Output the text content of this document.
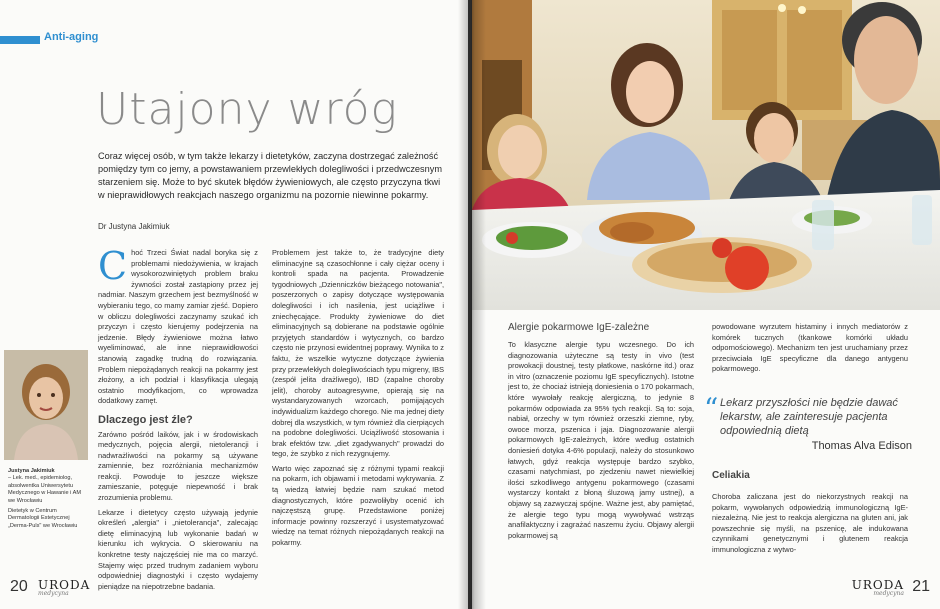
Anti-aging
Utajony wróg
Coraz więcej osób, w tym także lekarzy i dietetyków, zaczyna dostrzegać zależność pomiędzy tym co jemy, a powstawaniem przewlekłych dolegliwości i przedwczesnym starzeniem się. Może to być skutek błędów żywieniowych, ale często przyczyna tkwi w nieprawidłowych reakcjach naszego organizmu na pozornie niewinne pokarmy.
Dr Justyna Jakimiuk

Choć Trzeci Świat nadal boryka się z problemami niedożywienia, w krajach wysokorozwiniętych problem braku żywności został zastąpiony przez jej nadmiar. Naszym grzechem jest bezmyślność w wybieraniu tego, co mamy zamiar zjeść. Dopiero w obliczu dolegliwości zaczynamy szukać ich przyczyn i często kierujemy podejrzenia na jedzenie. Błędy żywieniowe można łatwo wyeliminować, ale inne nieprawidłowości stanowią zagadkę trudną do rozwiązania. Problem niepożądanych reakcji na pokarmy jest złożony, a ich podział i klasyfikacja ulegają ostatnio modyfikacjom, co wprowadza dodatkowy zamęt.

Dlaczego jest źle?

Zarówno pośród laików, jak i w środowiskach medycznych, pojęcia alergii, nietolerancji i nadwrażliwości na pokarmy są używane zamiennie, bez rozróżniania mechanizmów reakcji. Powoduje to jeszcze większe zamieszanie, potęguje niepewność i brak zrozumienia problemu.

Lekarze i dietetycy często używają jedynie określeń „alergia" i „nietolerancja", zalecając dietę eliminacyjną lub wykonanie badań w kierunku ich wykrycia. O skierowaniu na konkretne testy najczęściej nie ma co marzyć. Stajemy więc przed trudnym zadaniem wyboru odpowiedniej diagnostyki i często wydajemy pieniądze na niepotrzebne badania.

Problemem jest także to, że tradycyjne diety eliminacyjne są czasochłonne i cały ciężar oceny i kontroli spada na pacjenta. Prowadzenie tygodniowych „Dzienniczków bieżącego notowania", poszerzonych o zapisy dotyczące występowania dolegliwości i ich nasilenia, jest uciążliwe i zniechęcające. Produkty żywieniowe do diet eliminacyjnych są dobierane na podstawie ogólnie przyjętych standardów i wytycznych, co bardzo często nie przynosi ewidentnej poprawy. Wynika to z faktu, że wszelkie wytyczne dotyczące żywienia przy przewlekłych dolegliwościach typu migreny, IBS (zespół jelita drażliwego), IBD (zapalne choroby jelit), choroby autoagresywne, opierają się na wystandaryzowanych wzorcach, pomijających indywidualizm każdego chorego. Nie ma jednej diety dobrej dla wszystkich, w tym również dla cierpiących na podobne dolegliwości. Uciążliwość stosowania i brak efektów tzw. „diet zgadywanych" prowadzi do tego, że szybko z nich rezygnujemy.

Warto więc zapoznać się z różnymi typami reakcji na pokarm, ich objawami i metodami wykrywania. Z tą wiedzą łatwiej będzie nam szukać metod diagnostycznych, które pozwoliłyby ocenić ich najczęstszą grupę. Przedstawione poniżej informacje powinny rozszerzyć i usystematyzować wiedzę na temat różnych niepożądanych reakcji na pokarmy.

Justyna Jakimiuk
– Lek. med., epidemiolog, absolwentka Uniwersytetu Medycznego w Hawanie i AM we Wrocławiu
Dietetyk w Centrum Dermatologii Estetycznej „Derma-Puls" we Wrocławiu
20 URODA
medycyna
Alergie pokarmowe IgE-zależne

To klasyczne alergie typu wczesnego. Do ich diagnozowania użyteczne są testy in vivo (test prowokacji doustnej, testy płatkowe, naskórne itd.) oraz in vitro (oznaczenie poziomu IgE specyficznych). Istotne jest to, że chociaż istnieją doniesienia o 170 pokarmach, które wywołały reakcję alergiczną, to jedynie 8 pokarmów odpowiada za 95% tych reakcji. Są to: soja, nabiał, orzechy w tym również orzeszki ziemne, ryby, owoce morza, pszenica i jaja. Diagnozowanie alergii pokarmowych IgE-zależnych, które według ostatnich doniesień dotyka 4-6% populacji, należy do stosunkowo łatwych, gdyż reakcja występuje bardzo szybko, czasami natychmiast, po zjedzeniu nawet niewielkiej ilości szkodliwego antygenu pokarmowego (czasami wystarczy kontakt z błoną śluzową jamy ustnej), a objawy są zazwyczaj spójne. Ważne jest, aby pamiętać, że alergie tego typu mogą wywoływać wstrząs anafilaktyczny i zagrażać naszemu życiu. Objawy alergii pokarmowej są

powodowane wyrzutem histaminy i innych mediatorów z komórek tucznych (tkankowe komórki układu odpornościowego). Mechanizm ten jest uruchamiany przez przeciwciała IgE specyficzne dla danego antygenu pokarmowego.

“ Lekarz przyszłości nie będzie dawać lekarstw, ale zainteresuje pacjenta odpowiednią dietą
Thomas Alva Edison
Celiakia

Choroba zaliczana jest do niekorzystnych reakcji na pokarm, wywołanych odpowiedzią immunologiczną IgE-niezależną. Nie jest to reakcja alergiczna na gluten ani, jak powszechnie się myśli, na pszenicę, ale indukowana czynnikami genetycznymi i glutenem reakcja immunologiczna z wytwo-

URODA
medycyna 21
